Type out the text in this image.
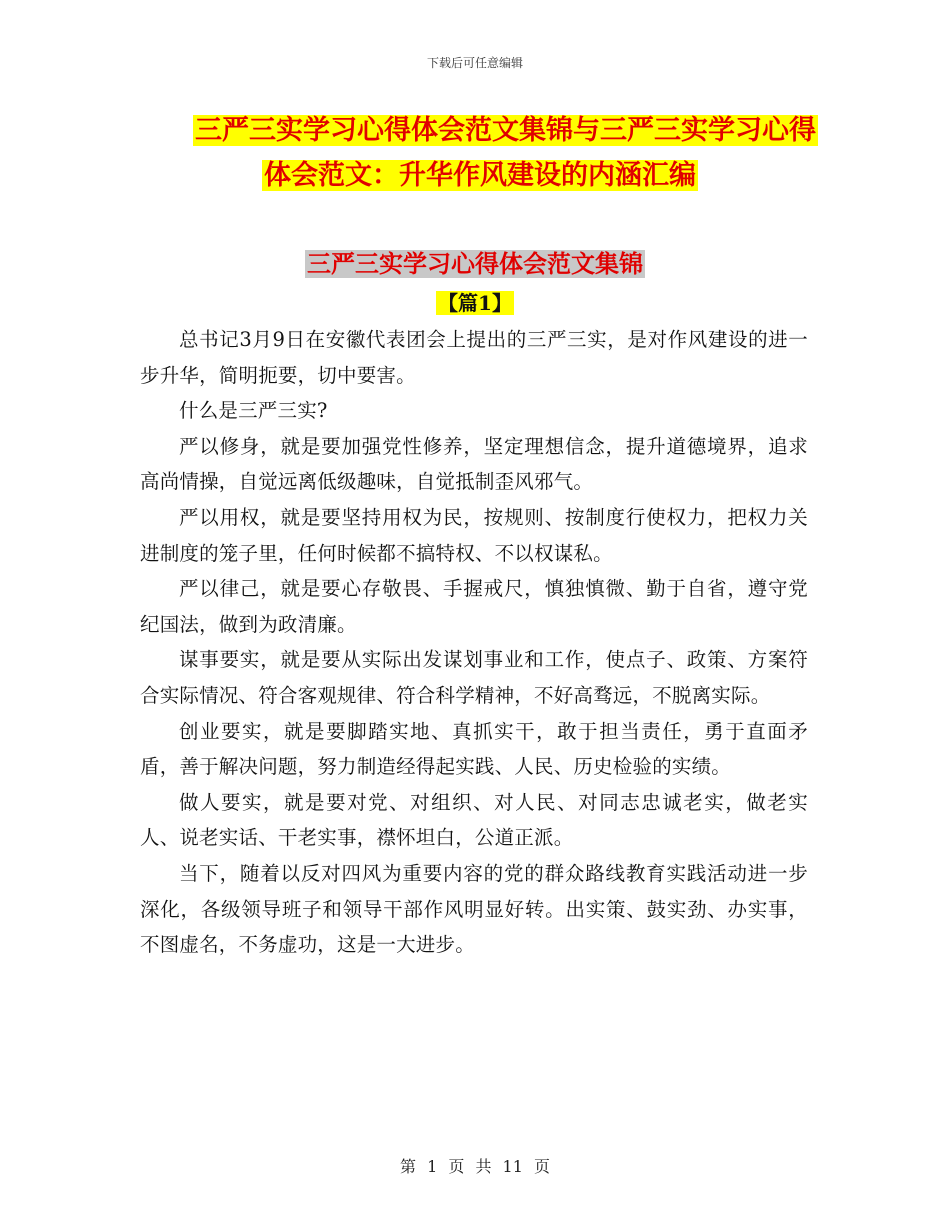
下载后可任意编辑
三严三实学习心得体会范文集锦与三严三实学习心得
体会范文：升华作风建设的内涵汇编
三严三实学习心得体会范文集锦
【篇1】

总书记3月9日在安徽代表团会上提出的三严三实，是对作风建设的进一步升华，简明扼要，切中要害。

什么是三严三实?

严以修身，就是要加强党性修养，坚定理想信念，提升道德境界，追求高尚情操，自觉远离低级趣味，自觉抵制歪风邪气。

严以用权，就是要坚持用权为民，按规则、按制度行使权力，把权力关进制度的笼子里，任何时候都不搞特权、不以权谋私。

严以律己，就是要心存敬畏、手握戒尺，慎独慎微、勤于自省，遵守党纪国法，做到为政清廉。

谋事要实，就是要从实际出发谋划事业和工作，使点子、政策、方案符合实际情况、符合客观规律、符合科学精神，不好高骛远，不脱离实际。

创业要实，就是要脚踏实地、真抓实干，敢于担当责任，勇于直面矛盾，善于解决问题，努力制造经得起实践、人民、历史检验的实绩。

做人要实，就是要对党、对组织、对人民、对同志忠诚老实，做老实人、说老实话、干老实事，襟怀坦白，公道正派。

当下，随着以反对四风为重要内容的党的群众路线教育实践活动进一步深化，各级领导班子和领导干部作风明显好转。出实策、鼓实劲、办实事，不图虚名，不务虚功，这是一大进步。

第 1 页 共 11 页
